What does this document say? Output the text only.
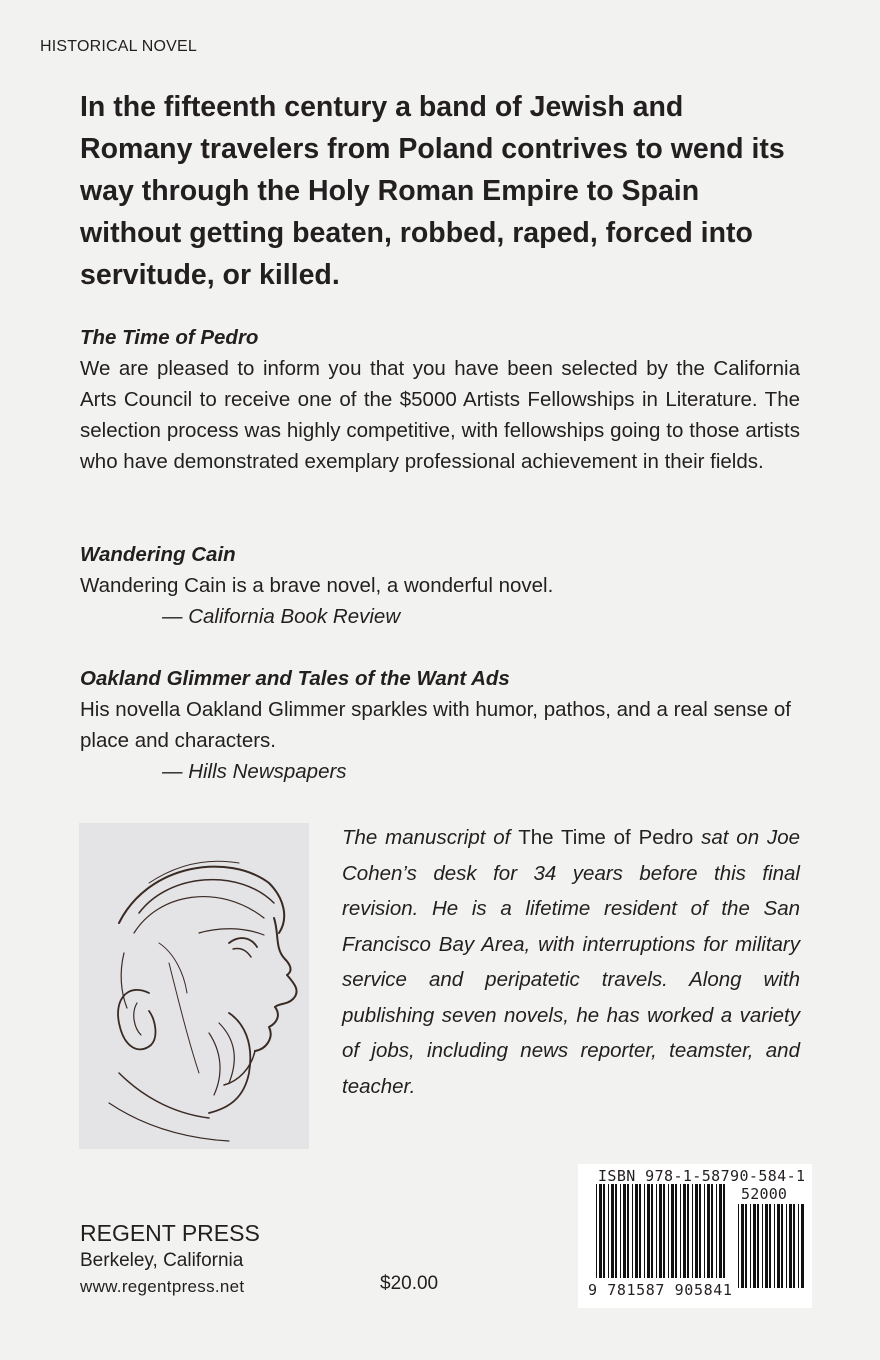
HISTORICAL NOVEL

In the fifteenth century a band of Jewish and Romany travelers from Poland contrives to wend its way through the Holy Roman Empire to Spain without getting beaten, robbed, raped, forced into servitude, or killed.

The Time of Pedro

We are pleased to inform you that you have been selected by the California Arts Council to receive one of the $5000 Artists Fellowships in Literature. The selection process was highly competitive, with fellowships going to those artists who have demonstrated exemplary professional achievement in their fields.

Wandering Cain

Wandering Cain is a brave novel, a wonderful novel.

— California Book Review

Oakland Glimmer and Tales of the Want Ads

His novella Oakland Glimmer sparkles with humor, pathos, and a real sense of place and characters.

— Hills Newspapers

The manuscript of The Time of Pedro sat on Joe Cohen’s desk for 34 years before this final revision. He is a lifetime resident of the San Francisco Bay Area, with interruptions for military service and peripatetic travels. Along with publishing seven novels, he has worked a variety of jobs, including news reporter, teamster, and teacher.

REGENT PRESS
Berkeley, California
www.regentpress.net	$20.00
ISBN 978-1-58790-584-1
52000
9 781587 905841
